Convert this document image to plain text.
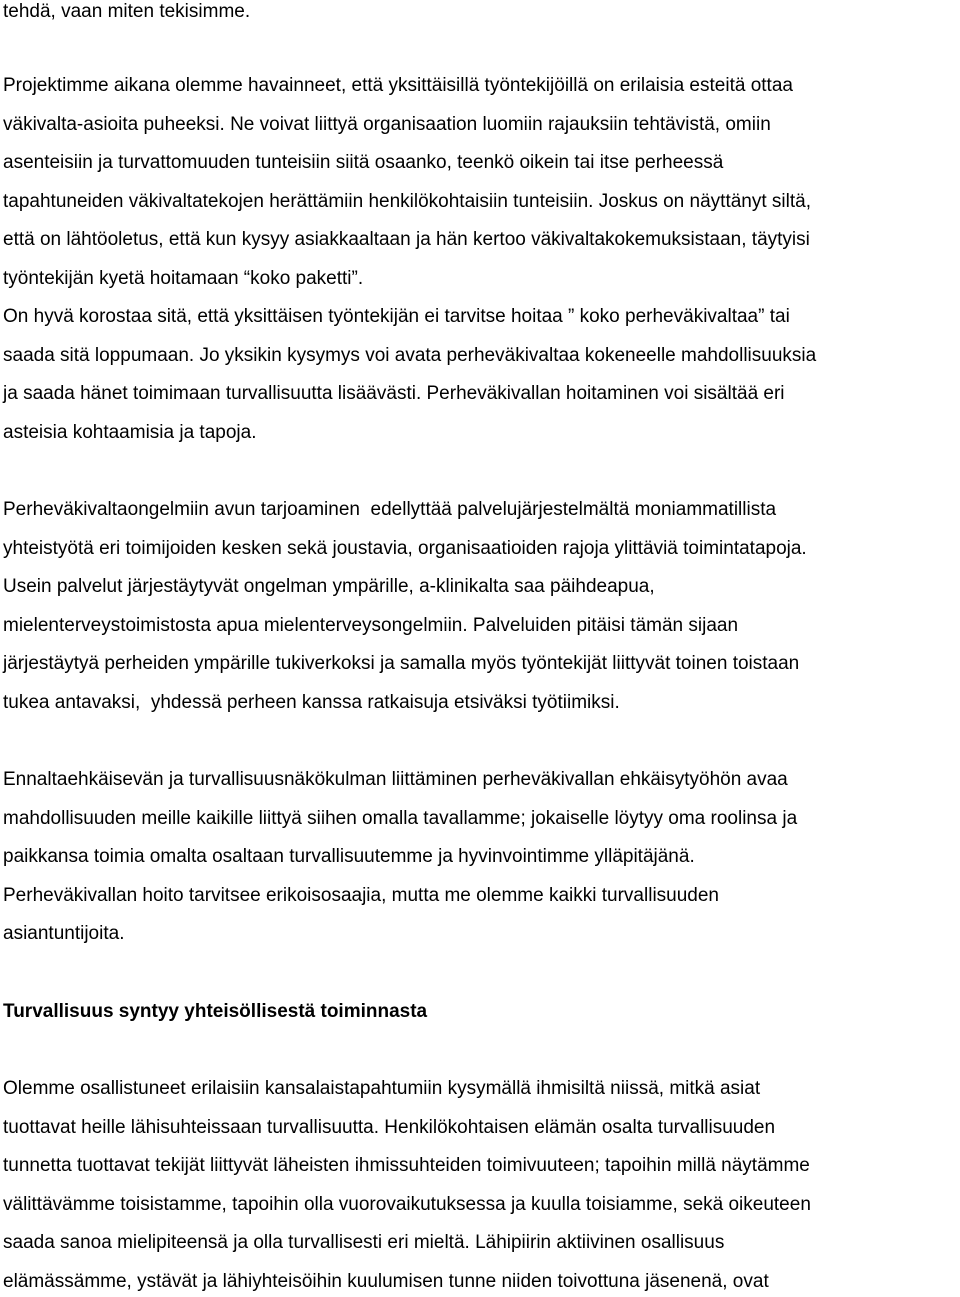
tehdä, vaan miten tekisimme.
Projektimme aikana olemme havainneet, että yksittäisillä työntekijöillä on erilaisia esteitä ottaa
väkivalta-asioita puheeksi. Ne voivat liittyä organisaation luomiin rajauksiin tehtävistä, omiin
asenteisiin ja turvattomuuden tunteisiin siitä osaanko, teenkö oikein tai itse perheessä
tapahtuneiden väkivaltatekojen herättämiin henkilökohtaisiin tunteisiin. Joskus on näyttänyt siltä,
että on lähtöoletus, että kun kysyy asiakkaaltaan ja hän kertoo väkivaltakokemuksistaan, täytyisi
työntekijän kyetä hoitamaan “koko paketti”.
On hyvä korostaa sitä, että yksittäisen työntekijän ei tarvitse hoitaa ” koko perheväkivaltaa” tai
saada sitä loppumaan. Jo yksikin kysymys voi avata perheväkivaltaa kokeneelle mahdollisuuksia
ja saada hänet toimimaan turvallisuutta lisäävästi. Perheväkivallan hoitaminen voi sisältää eri
asteisia kohtaamisia ja tapoja.
Perheväkivaltaongelmiin avun tarjoaminen  edellyttää palvelujärjestelmältä moniammatillista
yhteistyötä eri toimijoiden kesken sekä joustavia, organisaatioiden rajoja ylittäviä toimintatapoja.
Usein palvelut järjestäytyvät ongelman ympärille, a-klinikalta saa päihdeapua,
mielenterveystoimistosta apua mielenterveysongelmiin. Palveluiden pitäisi tämän sijaan
järjestäytyä perheiden ympärille tukiverkoksi ja samalla myös työntekijät liittyvät toinen toistaan
tukea antavaksi,  yhdessä perheen kanssa ratkaisuja etsiväksi työtiimiksi.
Ennaltaehkäisevän ja turvallisuusnäkökulman liittäminen perheväkivallan ehkäisytyöhön avaa
mahdollisuuden meille kaikille liittyä siihen omalla tavallamme; jokaiselle löytyy oma roolinsa ja
paikkansa toimia omalta osaltaan turvallisuutemme ja hyvinvointimme ylläpitäjänä.
Perheväkivallan hoito tarvitsee erikoisosaajia, mutta me olemme kaikki turvallisuuden
asiantuntijoita.
Turvallisuus syntyy yhteisöllisestä toiminnasta
Olemme osallistuneet erilaisiin kansalaistapahtumiin kysymällä ihmisiltä niissä, mitkä asiat
tuottavat heille lähisuhteissaan turvallisuutta. Henkilökohtaisen elämän osalta turvallisuuden
tunnetta tuottavat tekijät liittyvät läheisten ihmissuhteiden toimivuuteen; tapoihin millä näytämme
välittävämme toisistamme, tapoihin olla vuorovaikutuksessa ja kuulla toisiamme, sekä oikeuteen
saada sanoa mielipiteensä ja olla turvallisesti eri mieltä. Lähipiirin aktiivinen osallisuus
elämässämme, ystävät ja lähiyhteisöihin kuulumisen tunne niiden toivottuna jäsenenä, ovat
